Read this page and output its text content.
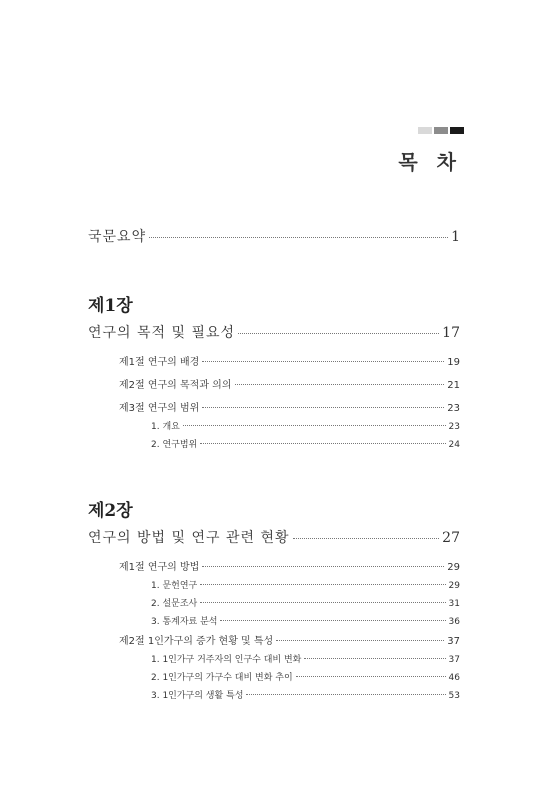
목 차
국문요약	1
제1장
연구의 목적 및 필요성	17
제1절 연구의 배경	19
제2절 연구의 목적과 의의	21
제3절 연구의 범위	23
1. 개요	23
2. 연구범위	24
제2장
연구의 방법 및 연구 관련 현황	27
제1절 연구의 방법	29
1. 문헌연구	29
2. 설문조사	31
3. 통계자료 분석	36
제2절 1인가구의 증가 현황 및 특성	37
1. 1인가구 거주자의 인구수 대비 변화	37
2. 1인가구의 가구수 대비 변화 추이	46
3. 1인가구의 생활 특성	53
